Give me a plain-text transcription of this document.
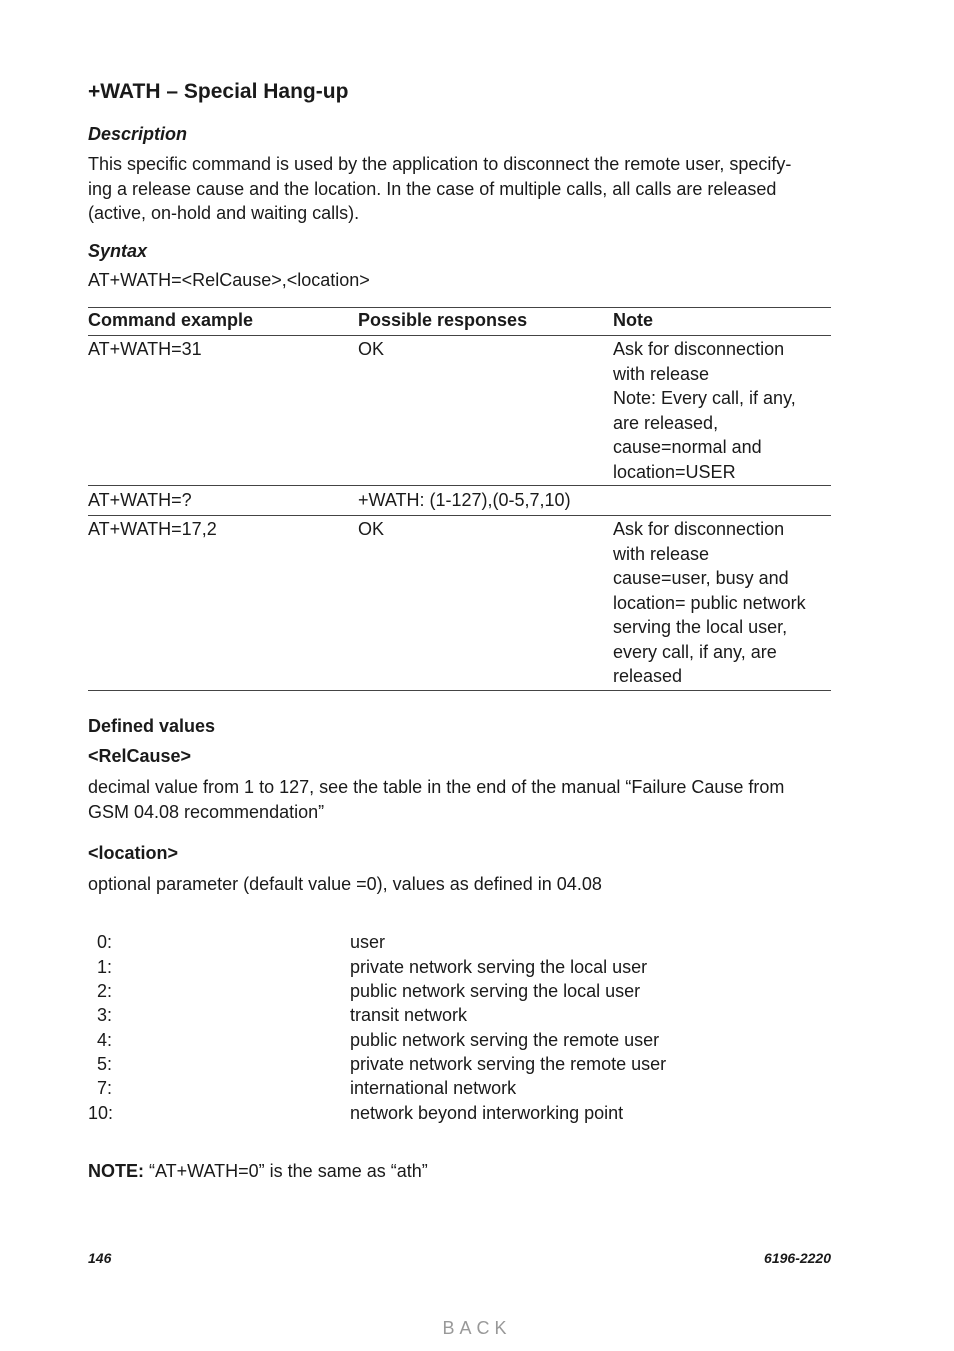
+WATH – Special Hang-up
Description
This specific command is used by the application to disconnect the remote user, specify-
ing a release cause and the location. In the case of multiple calls, all calls are released
(active, on-hold and waiting calls).
Syntax
AT+WATH=<RelCause>,<location>
Command example	Possible responses	Note
AT+WATH=31	OK	Ask for disconnection
with release
Note: Every call, if any,
are released,
cause=normal and
location=USER
AT+WATH=?	+WATH: (1-127),(0-5,7,10)
AT+WATH=17,2	OK	Ask for disconnection
with release
cause=user, busy and
location= public network
serving the local user,
every call, if any, are
released
Defined values
<RelCause>
decimal value from 1 to 127, see the table in the end of the manual “Failure Cause from
GSM 04.08 recommendation”
<location>
optional parameter (default value =0), values as defined in 04.08
0:	user
1:	private network serving the local user
2:	public network serving the local user
3:	transit network
4:	public network serving the remote user
5:	private network serving the remote user
7:	international network
10:	network beyond interworking point
NOTE: “AT+WATH=0” is the same as “ath”
146	6196-2220
BACK
